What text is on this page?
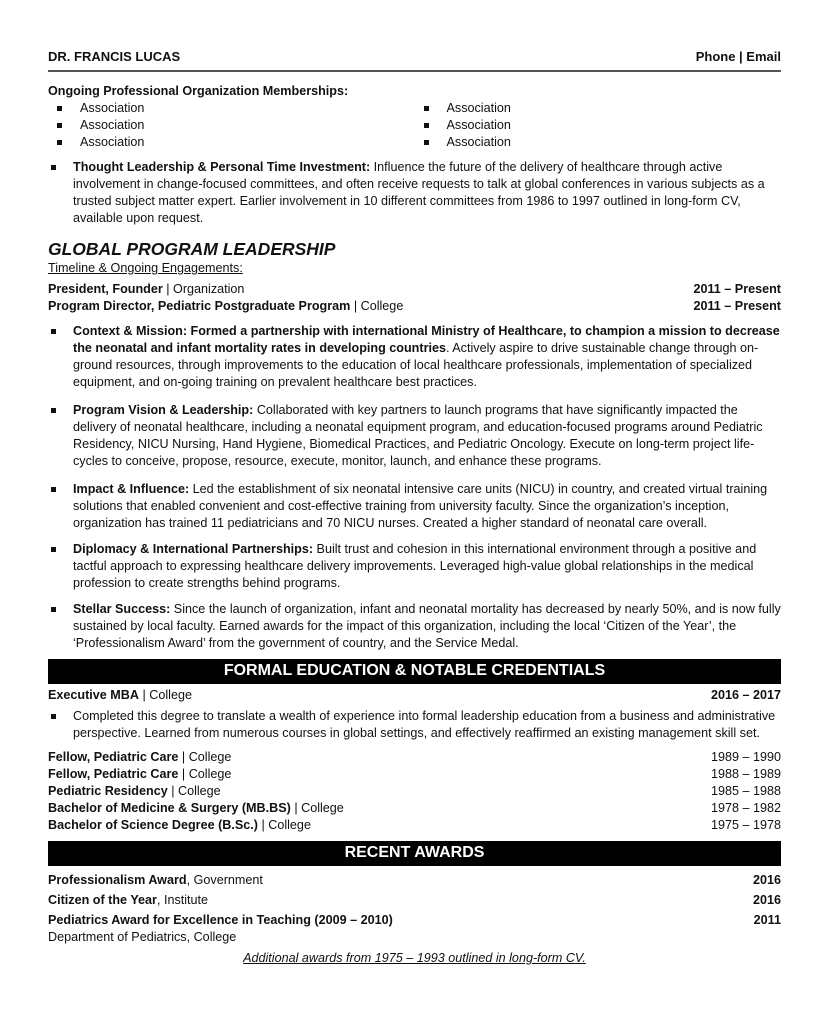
DR. FRANCIS LUCAS	Phone | Email
Ongoing Professional Organization Memberships:
Association
Association
Association
Association
Association
Association
Thought Leadership & Personal Time Investment: Influence the future of the delivery of healthcare through active involvement in change-focused committees, and often receive requests to talk at global conferences in various subjects as a trusted subject matter expert. Earlier involvement in 10 different committees from 1986 to 1997 outlined in long-form CV, available upon request.
GLOBAL PROGRAM LEADERSHIP
Timeline & Ongoing Engagements:
President, Founder | Organization	2011 – Present
Program Director, Pediatric Postgraduate Program | College	2011 – Present
Context & Mission: Formed a partnership with international Ministry of Healthcare, to champion a mission to decrease the neonatal and infant mortality rates in developing countries. Actively aspire to drive sustainable change through on-ground resources, through improvements to the education of local healthcare professionals, implementation of specialized equipment, and on-going training on prevalent healthcare best practices.
Program Vision & Leadership: Collaborated with key partners to launch programs that have significantly impacted the delivery of neonatal healthcare, including a neonatal equipment program, and education-focused programs around Pediatric Residency, NICU Nursing, Hand Hygiene, Biomedical Practices, and Pediatric Oncology. Execute on long-term project life-cycles to conceive, propose, resource, execute, monitor, launch, and enhance these programs.
Impact & Influence: Led the establishment of six neonatal intensive care units (NICU) in country, and created virtual training solutions that enabled convenient and cost-effective training from university faculty. Since the organization’s inception, organization has trained 11 pediatricians and 70 NICU nurses. Created a higher standard of neonatal care overall.
Diplomacy & International Partnerships: Built trust and cohesion in this international environment through a positive and tactful approach to expressing healthcare delivery improvements. Leveraged high-value global relationships in the medical profession to create strengths behind programs.
Stellar Success: Since the launch of organization, infant and neonatal mortality has decreased by nearly 50%, and is now fully sustained by local faculty. Earned awards for the impact of this organization, including the local ‘Citizen of the Year’, the ‘Professionalism Award’ from the government of country, and the Service Medal.
FORMAL EDUCATION & NOTABLE CREDENTIALS
Executive MBA | College	2016 – 2017
Completed this degree to translate a wealth of experience into formal leadership education from a business and administrative perspective. Learned from numerous courses in global settings, and effectively reaffirmed an existing management skill set.
Fellow, Pediatric Care | College	1989 – 1990
Fellow, Pediatric Care | College	1988 – 1989
Pediatric Residency | College	1985 – 1988
Bachelor of Medicine & Surgery (MB.BS) | College	1978 – 1982
Bachelor of Science Degree (B.Sc.) | College	1975 – 1978
RECENT AWARDS
Professionalism Award, Government	2016
Citizen of the Year, Institute	2016
Pediatrics Award for Excellence in Teaching (2009 – 2010)	2011
Department of Pediatrics, College
Additional awards from 1975 – 1993 outlined in long-form CV.
